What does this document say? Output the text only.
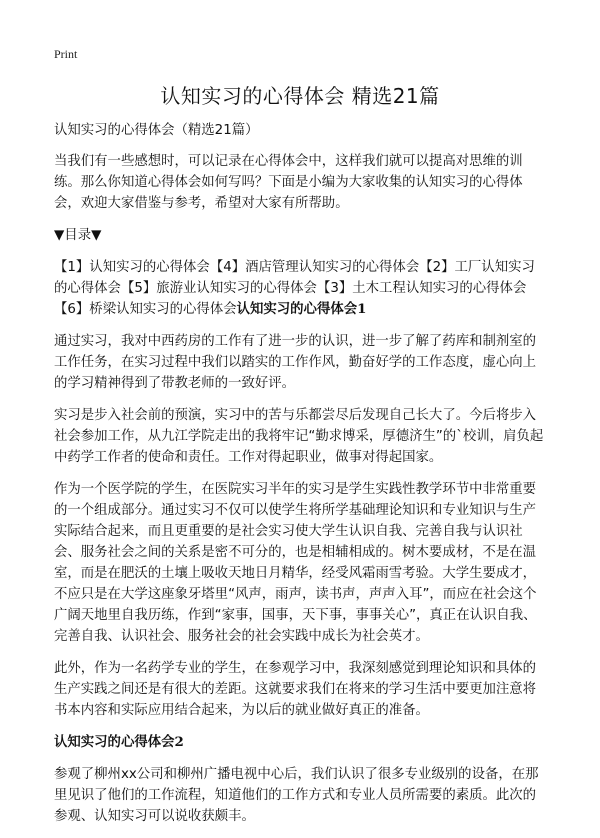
Print
认知实习的心得体会 精选21篇

认知实习的心得体会（精选21篇）

当我们有一些感想时，可以记录在心得体会中，这样我们就可以提高对思维的训练。那么你知道心得体会如何写吗？下面是小编为大家收集的认知实习的心得体会，欢迎大家借鉴与参考，希望对大家有所帮助。

▼目录▼

【1】认知实习的心得体会【4】酒店管理认知实习的心得体会【2】工厂认知实习的心得体会【5】旅游业认知实习的心得体会【3】土木工程认知实习的心得体会【6】桥梁认知实习的心得体会认知实习的心得体会1

通过实习，我对中西药房的工作有了进一步的认识，进一步了解了药库和制剂室的工作任务，在实习过程中我们以踏实的工作作风，勤奋好学的工作态度，虚心向上的学习精神得到了带教老师的一致好评。

实习是步入社会前的预演，实习中的苦与乐都尝尽后发现自己长大了。今后将步入社会参加工作，从九江学院走出的我将牢记“勤求博采，厚德济生”的`校训，肩负起中药学工作者的使命和责任。工作对得起职业，做事对得起国家。

作为一个医学院的学生，在医院实习半年的实习是学生实践性教学环节中非常重要的一个组成部分。通过实习不仅可以使学生将所学基础理论知识和专业知识与生产实际结合起来，而且更重要的是社会实习使大学生认识自我、完善自我与认识社会、服务社会之间的关系是密不可分的，也是相辅相成的。树木要成材，不是在温室，而是在肥沃的土壤上吸收天地日月精华，经受风霜雨雪考验。大学生要成才，不应只是在大学这座象牙塔里“风声，雨声，读书声，声声入耳”，而应在社会这个广阔天地里自我历练，作到“家事，国事，天下事，事事关心”，真正在认识自我、完善自我、认识社会、服务社会的社会实践中成长为社会英才。

此外，作为一名药学专业的学生，在参观学习中，我深刻感觉到理论知识和具体的生产实践之间还是有很大的差距。这就要求我们在将来的学习生活中要更加注意将书本内容和实际应用结合起来，为以后的就业做好真正的准备。

认知实习的心得体会2

参观了柳州xx公司和柳州广播电视中心后，我们认识了很多专业级别的设备，在那里见识了他们的工作流程，知道他们的工作方式和专业人员所需要的素质。此次的参观、认知实习可以说收获颇丰。
